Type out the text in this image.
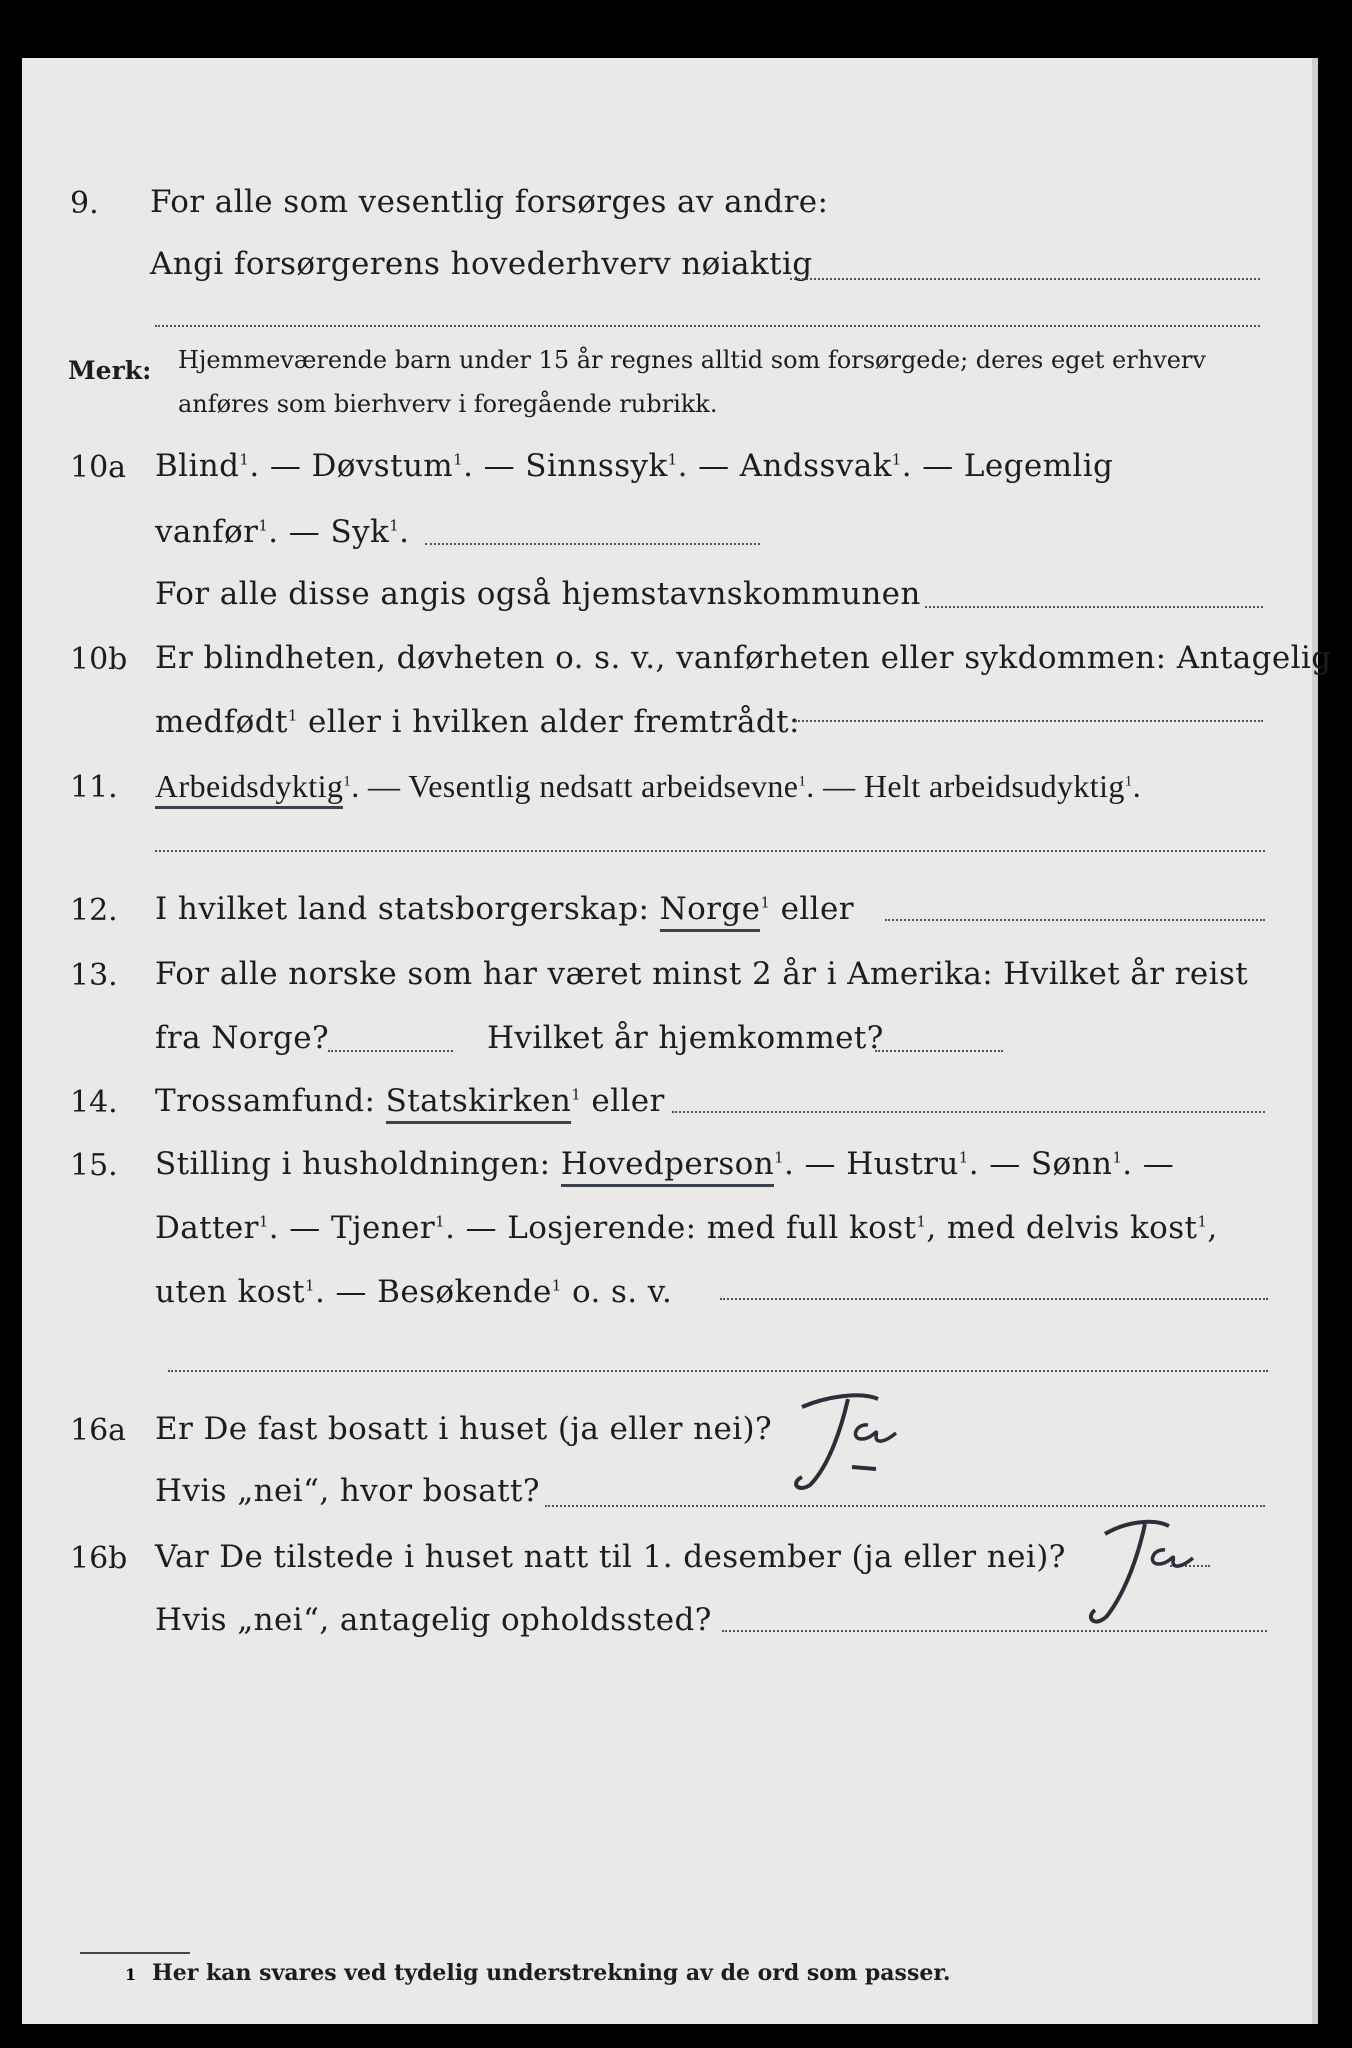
9. For alle som vesentlig forsørges av andre:
Angi forsørgerens hovederhverv nøiaktig
Merk: Hjemmeværende barn under 15 år regnes alltid som forsørgede; deres eget erhverv
anføres som bierhverv i foregående rubrikk.
10a Blind$^1$. — Døvstum$^1$. — Sinnssyk$^1$. — Andssvak$^1$. — Legemlig
vanfør$^1$. — Syk$^1$.
For alle disse angis også hjemstavnskommunen
10b Er blindheten, døvheten o. s. v., vanførheten eller sykdommen: Antagelig
medfødt$^1$ eller i hvilken alder fremtrådt:
11. Arbeidsdyktig$^1$. — Vesentlig nedsatt arbeidsevne$^1$. — Helt arbeidsudyktig$^1$.
12. I hvilket land statsborgerskap: Norge$^1$ eller
13. For alle norske som har været minst 2 år i Amerika: Hvilket år reist
fra Norge?	Hvilket år hjemkommet?
14. Trossamfund: Statskirken$^1$ eller
15. Stilling i husholdningen: Hovedperson$^1$. — Hustru$^1$. — Sønn$^1$. —
Datter$^1$. — Tjener$^1$. — Losjerende: med full kost$^1$, med delvis kost$^1$,
uten kost$^1$. — Besøkende$^1$ o. s. v.
16a Er De fast bosatt i huset (ja eller nei)?
Hvis „nei“, hvor bosatt?
16b Var De tilstede i huset natt til 1. desember (ja eller nei)?
Hvis „nei“, antagelig opholdssted?
1 Her kan svares ved tydelig understrekning av de ord som passer.
